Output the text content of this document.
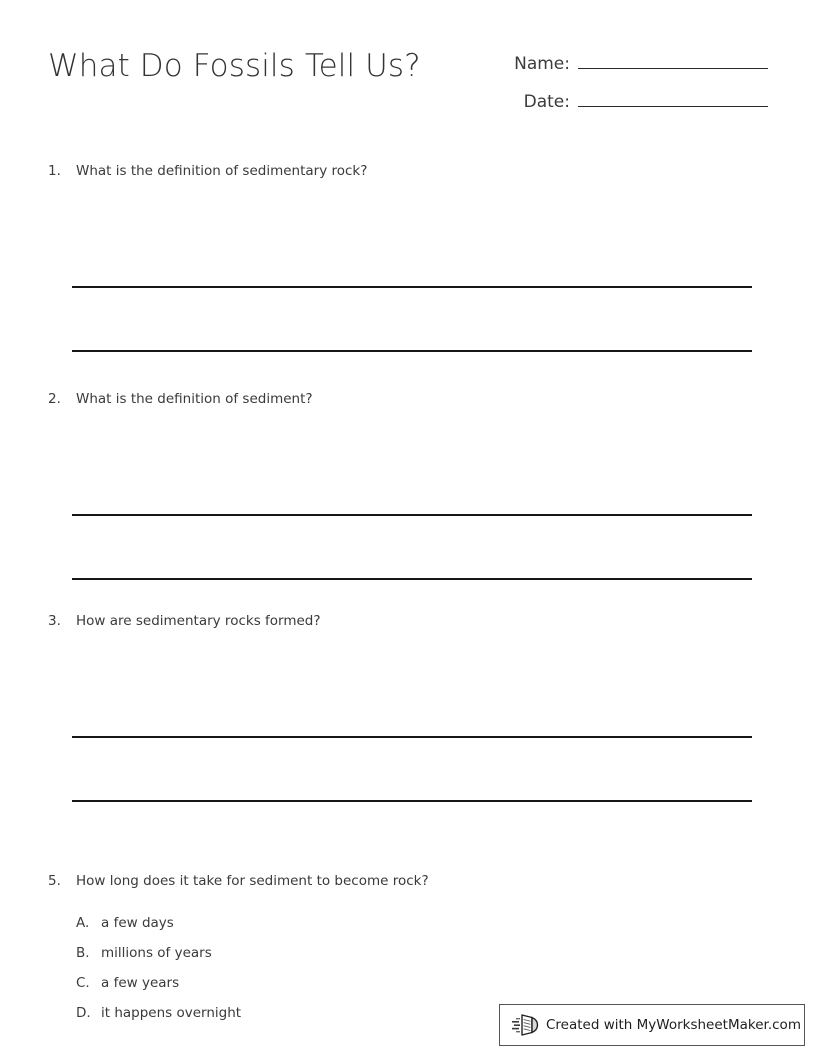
What Do Fossils Tell Us?	Name:
Date:
1.	What is the definition of sedimentary rock?
2.	What is the definition of sediment?
3.	How are sedimentary rocks formed?
5.	How long does it take for sediment to become rock?
A. a few days
B. millions of years
C. a few years
D. it happens overnight
Created with MyWorksheetMaker.com
